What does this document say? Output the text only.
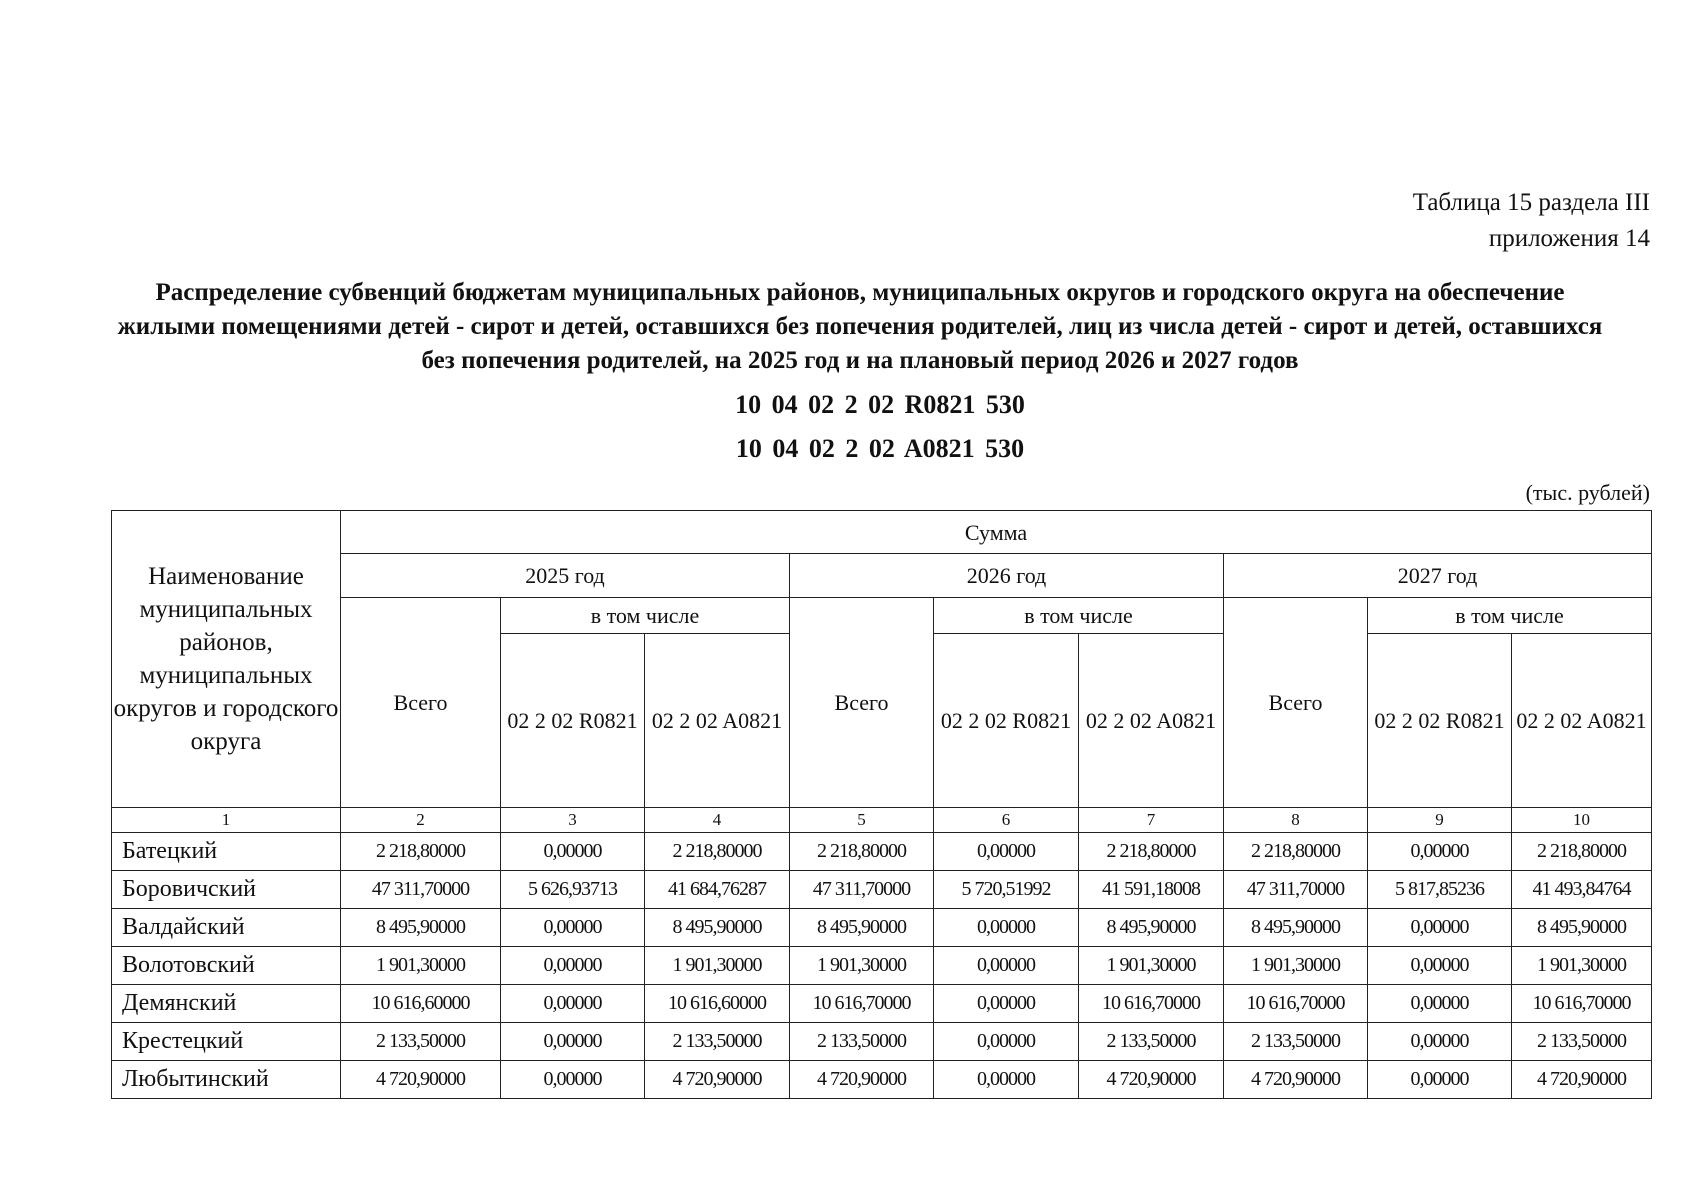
Таблица 15 раздела III
приложения 14
Распределение субвенций бюджетам муниципальных районов, муниципальных округов и городского округа на обеспечение жилыми помещениями детей - сирот и детей, оставшихся без попечения родителей, лиц из числа детей - сирот и детей, оставшихся без попечения родителей, на 2025 год и на плановый период 2026 и 2027 годов
10 04 02 2 02 R0821 530
10 04 02 2 02 A0821 530
(тыс. рублей)
Наименование муниципальных районов, муниципальных округов и городского округа	Сумма								
	2025 год			2026 год			2027 год		
	Всего	в том числе		Всего	в том числе		Всего	в том числе	
		02 2 02 R0821	02 2 02 A0821		02 2 02 R0821	02 2 02 A0821		02 2 02 R0821	02 2 02 A0821
1	2	3	4	5	6	7	8	9	10
Батецкий	2 218,80000	0,00000	2 218,80000	2 218,80000	0,00000	2 218,80000	2 218,80000	0,00000	2 218,80000
Боровичский	47 311,70000	5 626,93713	41 684,76287	47 311,70000	5 720,51992	41 591,18008	47 311,70000	5 817,85236	41 493,84764
Валдайский	8 495,90000	0,00000	8 495,90000	8 495,90000	0,00000	8 495,90000	8 495,90000	0,00000	8 495,90000
Волотовский	1 901,30000	0,00000	1 901,30000	1 901,30000	0,00000	1 901,30000	1 901,30000	0,00000	1 901,30000
Демянский	10 616,60000	0,00000	10 616,60000	10 616,70000	0,00000	10 616,70000	10 616,70000	0,00000	10 616,70000
Крестецкий	2 133,50000	0,00000	2 133,50000	2 133,50000	0,00000	2 133,50000	2 133,50000	0,00000	2 133,50000
Любытинский	4 720,90000	0,00000	4 720,90000	4 720,90000	0,00000	4 720,90000	4 720,90000	0,00000	4 720,90000
